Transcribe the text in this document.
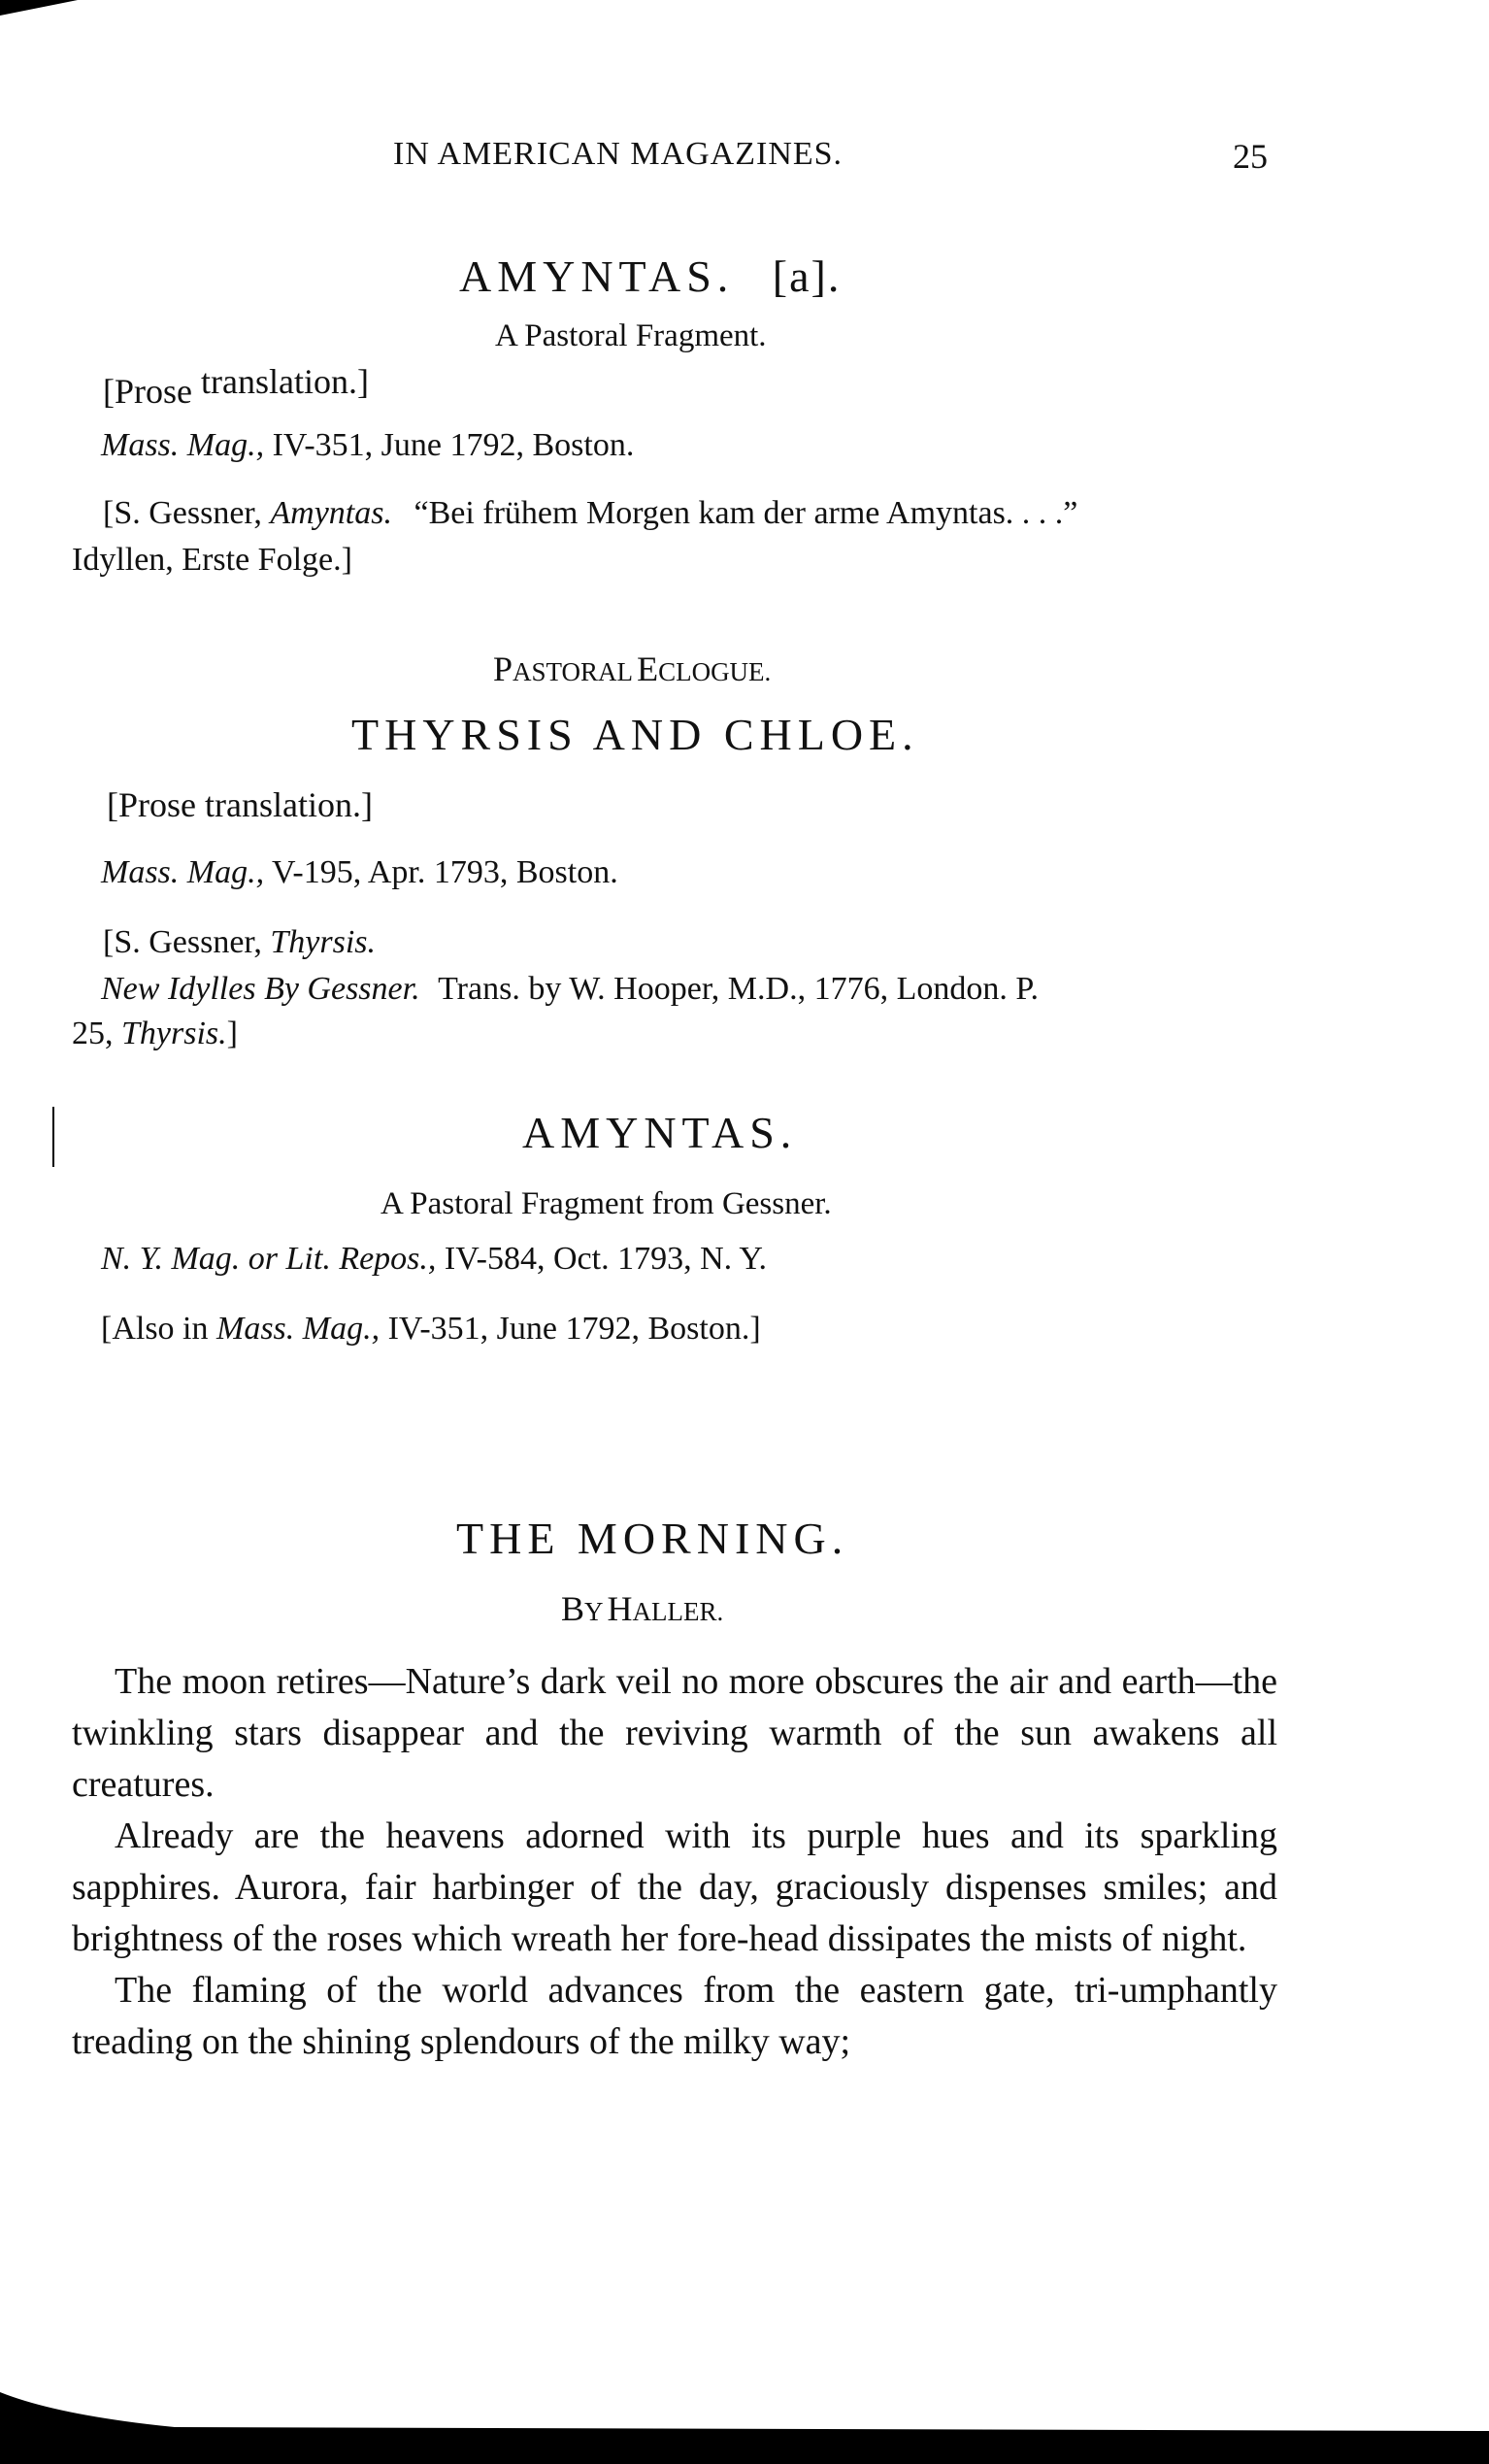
IN AMERICAN MAGAZINES.	25
AMYNTAS. [a].
A Pastoral Fragment.
[Prose translation.]
Mass. Mag., IV-351, June 1792, Boston.
[S. Gessner, Amyntas. “Bei frühem Morgen kam der arme Amyntas. . . .”
Idyllen, Erste Folge.]
PASTORAL ECLOGUE.
THYRSIS AND CHLOE.
[Prose translation.]
Mass. Mag., V-195, Apr. 1793, Boston.
[S. Gessner, Thyrsis.
New Idylles By Gessner. Trans. by W. Hooper, M.D., 1776, London. P.
25, Thyrsis.]
AMYNTAS.
A Pastoral Fragment from Gessner.
N. Y. Mag. or Lit. Repos., IV-584, Oct. 1793, N. Y.
[Also in Mass. Mag., IV-351, June 1792, Boston.]
THE MORNING.
BY HALLER.

The moon retires—Nature’s dark veil no more obscures the air and earth—the twinkling stars disappear and the reviving warmth of the sun awakens all creatures.

Already are the heavens adorned with its purple hues and its sparkling sapphires. Aurora, fair harbinger of the day, graciously dispenses smiles; and brightness of the roses which wreath her fore-head dissipates the mists of night.

The flaming of the world advances from the eastern gate, tri-umphantly treading on the shining splendours of the milky way;
